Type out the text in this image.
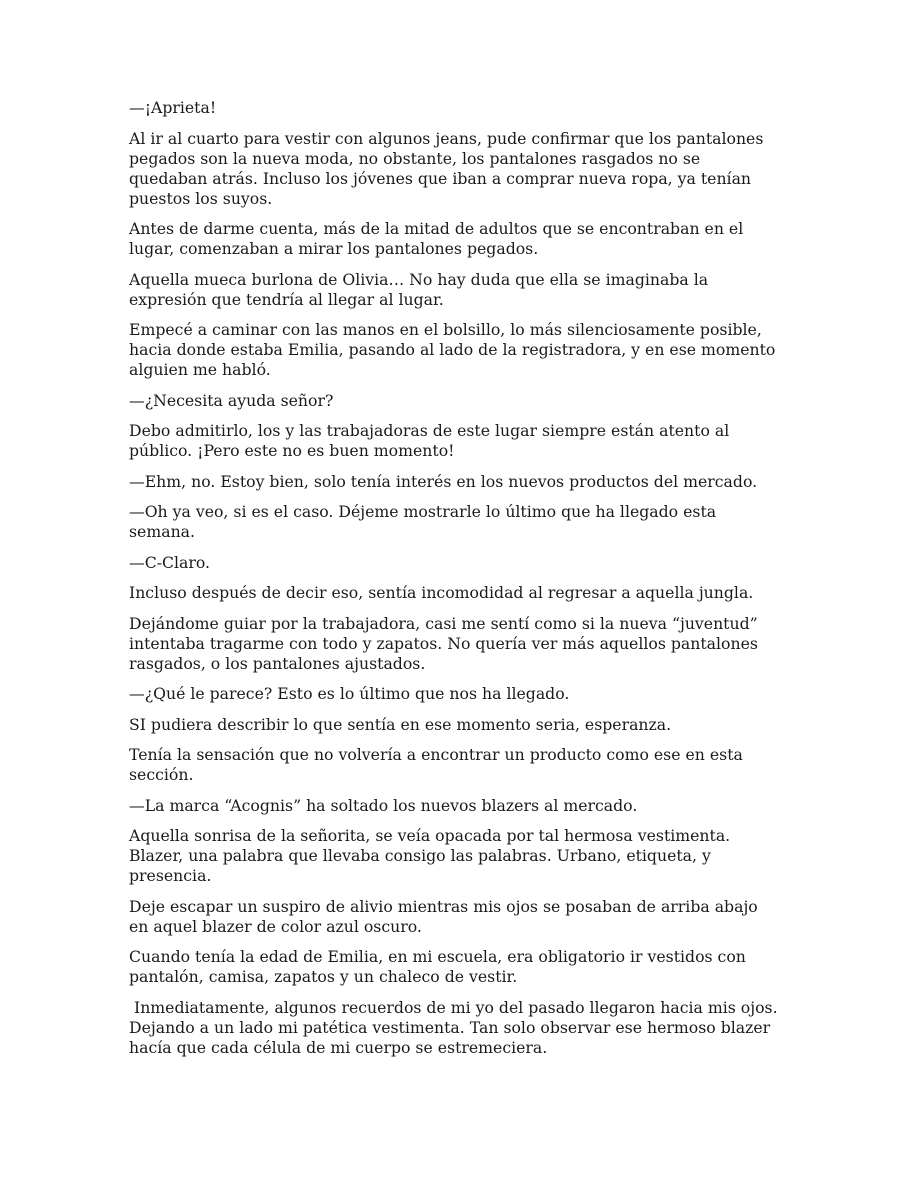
—¡Aprieta!

Al ir al cuarto para vestir con algunos jeans, pude confirmar que los pantalones pegados son la nueva moda, no obstante, los pantalones rasgados no se quedaban atrás. Incluso los jóvenes que iban a comprar nueva ropa, ya tenían puestos los suyos.

Antes de darme cuenta, más de la mitad de adultos que se encontraban en el lugar, comenzaban a mirar los pantalones pegados.

Aquella mueca burlona de Olivia… No hay duda que ella se imaginaba la expresión que tendría al llegar al lugar.

Empecé a caminar con las manos en el bolsillo, lo más silenciosamente posible, hacia donde estaba Emilia, pasando al lado de la registradora, y en ese momento alguien me habló.

—¿Necesita ayuda señor?

Debo admitirlo, los y las trabajadoras de este lugar siempre están atento al público. ¡Pero este no es buen momento!

—Ehm, no. Estoy bien, solo tenía interés en los nuevos productos del mercado.

—Oh ya veo, si es el caso. Déjeme mostrarle lo último que ha llegado esta semana.

—C-Claro.

Incluso después de decir eso, sentía incomodidad al regresar a aquella jungla.

Dejándome guiar por la trabajadora, casi me sentí como si la nueva “juventud” intentaba tragarme con todo y zapatos. No quería ver más aquellos pantalones rasgados, o los pantalones ajustados.

—¿Qué le parece? Esto es lo último que nos ha llegado.

SI pudiera describir lo que sentía en ese momento seria, esperanza.

Tenía la sensación que no volvería a encontrar un producto como ese en esta sección.

—La marca “Acognis” ha soltado los nuevos blazers al mercado.

Aquella sonrisa de la señorita, se veía opacada por tal hermosa vestimenta. Blazer, una palabra que llevaba consigo las palabras. Urbano, etiqueta, y presencia.

Deje escapar un suspiro de alivio mientras mis ojos se posaban de arriba abajo en aquel blazer de color azul oscuro.

Cuando tenía la edad de Emilia, en mi escuela, era obligatorio ir vestidos con pantalón, camisa, zapatos y un chaleco de vestir.

Inmediatamente, algunos recuerdos de mi yo del pasado llegaron hacia mis ojos. Dejando a un lado mi patética vestimenta. Tan solo observar ese hermoso blazer hacía que cada célula de mi cuerpo se estremeciera.
